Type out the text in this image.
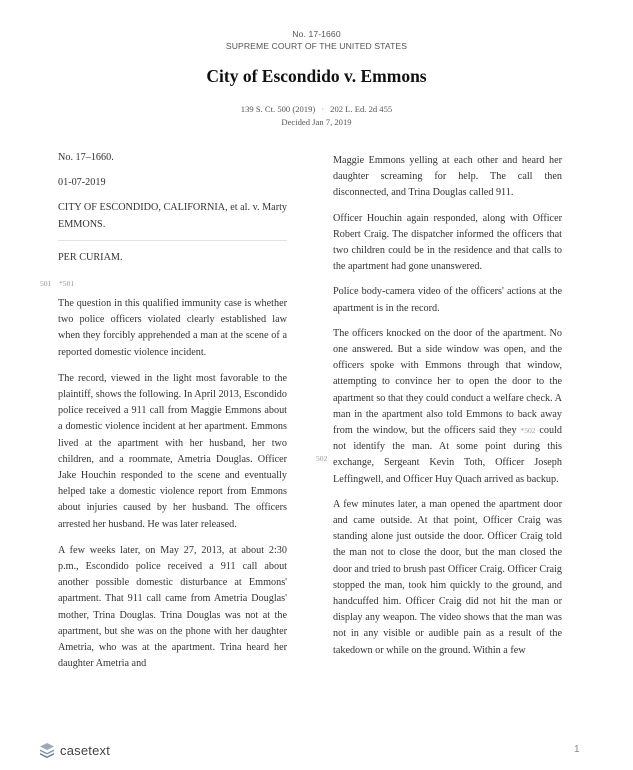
No. 17-1660
SUPREME COURT OF THE UNITED STATES
City of Escondido v. Emmons
139 S. Ct. 500 (2019) · 202 L. Ed. 2d 455
Decided Jan 7, 2019
No. 17–1660.
01-07-2019
CITY OF ESCONDIDO, CALIFORNIA, et al. v. Marty EMMONS.
PER CURIAM.

The question in this qualified immunity case is whether two police officers violated clearly established law when they forcibly apprehended a man at the scene of a reported domestic violence incident.

The record, viewed in the light most favorable to the plaintiff, shows the following. In April 2013, Escondido police received a 911 call from Maggie Emmons about a domestic violence incident at her apartment. Emmons lived at the apartment with her husband, her two children, and a roommate, Ametria Douglas. Officer Jake Houchin responded to the scene and eventually helped take a domestic violence report from Emmons about injuries caused by her husband. The officers arrested her husband. He was later released.

A few weeks later, on May 27, 2013, at about 2:30 p.m., Escondido police received a 911 call about another possible domestic disturbance at Emmons' apartment. That 911 call came from Ametria Douglas' mother, Trina Douglas. Trina Douglas was not at the apartment, but she was on the phone with her daughter Ametria, who was at the apartment. Trina heard her daughter Ametria and

501 *501

Maggie Emmons yelling at each other and heard her daughter screaming for help. The call then disconnected, and Trina Douglas called 911.

Officer Houchin again responded, along with Officer Robert Craig. The dispatcher informed the officers that two children could be in the residence and that calls to the apartment had gone unanswered.

Police body-camera video of the officers' actions at the apartment is in the record.

The officers knocked on the door of the apartment. No one answered. But a side window was open, and the officers spoke with Emmons through that window, attempting to convince her to open the door to the apartment so that they could conduct a welfare check. A man in the apartment also told Emmons to back away from the window, but the officers said they *502 could not identify the man. At some point during this exchange, Sergeant Kevin Toth, Officer Joseph Leffingwell, and Officer Huy Quach arrived as backup.

A few minutes later, a man opened the apartment door and came outside. At that point, Officer Craig was standing alone just outside the door. Officer Craig told the man not to close the door, but the man closed the door and tried to brush past Officer Craig. Officer Craig stopped the man, took him quickly to the ground, and handcuffed him. Officer Craig did not hit the man or display any weapon. The video shows that the man was not in any visible or audible pain as a result of the takedown or while on the ground. Within a few

502
casetext	1
